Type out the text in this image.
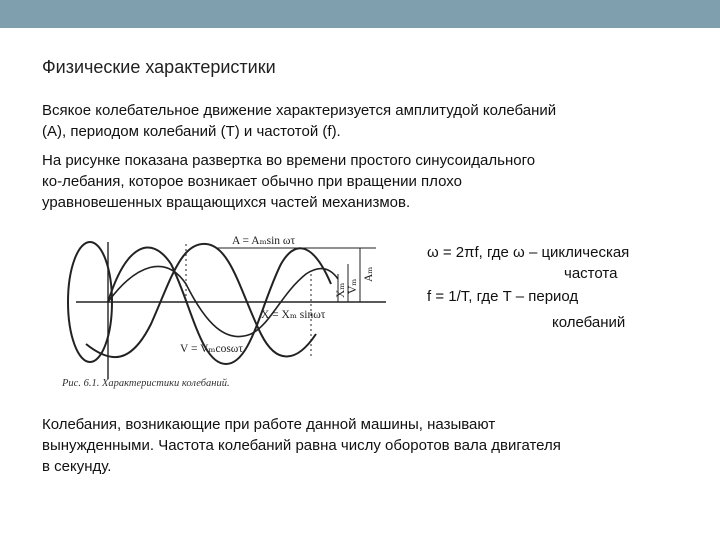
Физические характеристики
Всякое колебательное движение характеризуется амплитудой колебаний
(А), периодом колебаний (Т) и частотой (f).
На рисунке показана развертка во времени простого синусоидального
ко-лебания, которое возникает обычно при вращении плохо
уравновешенных вращающихся частей механизмов.
A = Aₘsin ωτ
X = Xₘ sinωτ
V = Vₘcosωτ
Aₘ
Vₘ
Xₘ
Рис. 6.1. Характеристики колебаний.
ω = 2πf, где ω – циклическая
частота
f = 1/T, где T – период
колебаний
Колебания, возникающие при работе данной машины, называют
вынужденными. Частота колебаний равна числу оборотов вала двигателя
в секунду.
